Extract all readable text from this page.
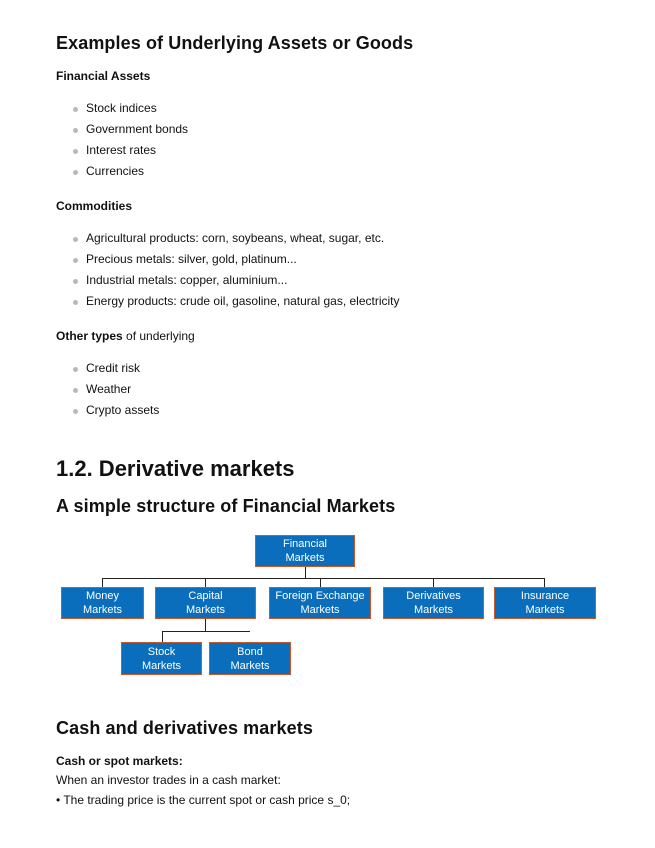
Examples of Underlying Assets or Goods
Financial Assets
Stock indices
Government bonds
Interest rates
Currencies
Commodities
Agricultural products: corn, soybeans, wheat, sugar, etc.
Precious metals: silver, gold, platinum...
Industrial metals: copper, aluminium...
Energy products: crude oil, gasoline, natural gas, electricity
Other types of underlying
Credit risk
Weather
Crypto assets
1.2. Derivative markets
A simple structure of Financial Markets
Financial
Markets
Money
Markets
Capital
Markets
Foreign Exchange
Markets
Derivatives
Markets
Insurance
Markets
Stock
Markets
Bond
Markets
Cash and derivatives markets
Cash or spot markets:

When an investor trades in a cash market:

• The trading price is the current spot or cash price s_0;
